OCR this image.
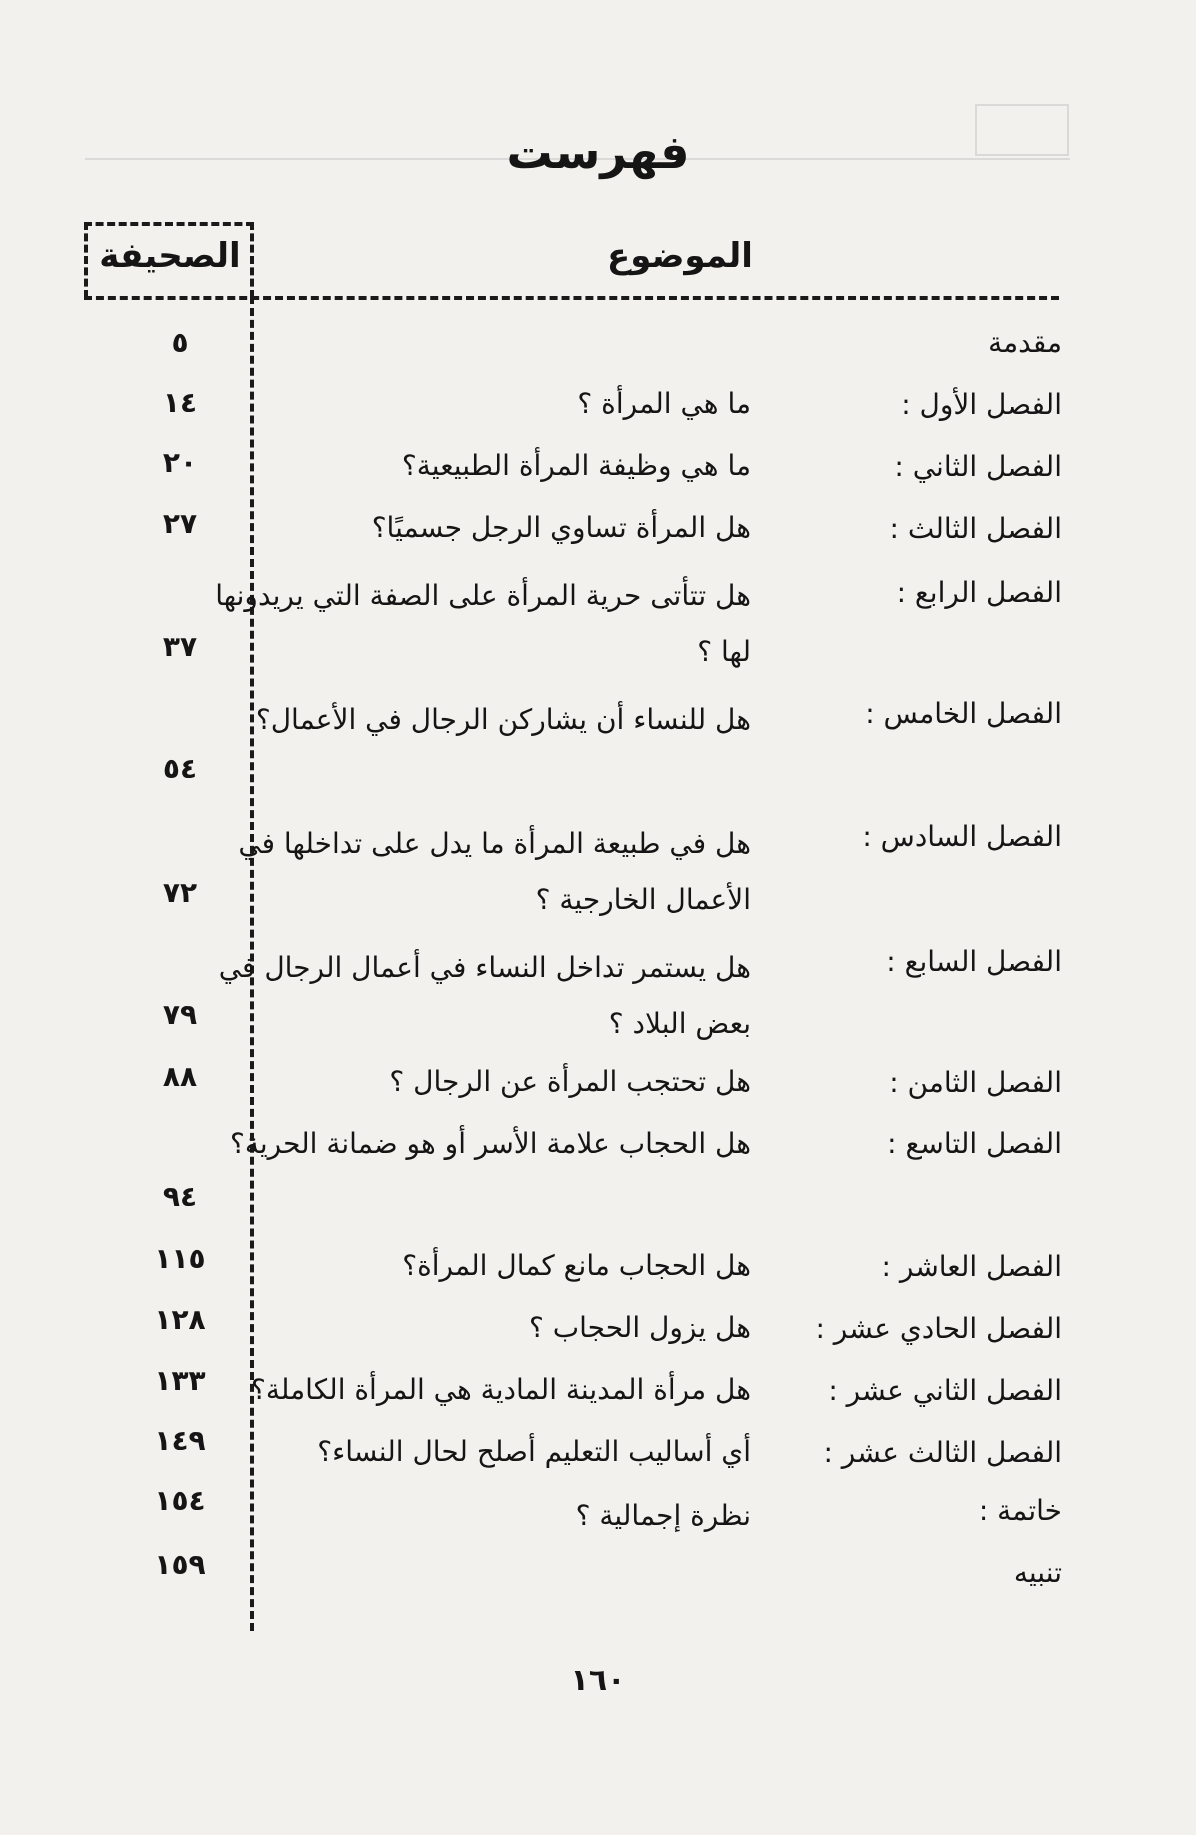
فهرست
الصحيفة	الموضوع
مقدمة
٥
الفصل الأول :
ما هي المرأة ؟
١٤
الفصل الثاني :
ما هي وظيفة المرأة الطبيعية؟
٢٠
الفصل الثالث :
هل المرأة تساوي الرجل جسميًا؟
٢٧
الفصل الرابع :
هل تتأتى حرية المرأة على الصفة التي يريدونها لها ؟
٣٧
الفصل الخامس :
هل للنساء أن يشاركن الرجال في الأعمال؟
٥٤
الفصل السادس :
هل في طبيعة المرأة ما يدل على تداخلها في الأعمال الخارجية ؟
٧٢
الفصل السابع :
هل يستمر تداخل النساء في أعمال الرجال في بعض البلاد ؟
٧٩
الفصل الثامن :
هل تحتجب المرأة عن الرجال ؟
٨٨
الفصل التاسع :
هل الحجاب علامة الأسر أو هو ضمانة الحرية؟
٩٤
الفصل العاشر :
هل الحجاب مانع كمال المرأة؟
١١٥
الفصل الحادي عشر :
هل يزول الحجاب ؟
١٢٨
الفصل الثاني عشر :
هل مرأة المدينة المادية هي المرأة الكاملة؟
١٣٣
الفصل الثالث عشر :
أي أساليب التعليم أصلح لحال النساء؟
١٤٩
خاتمة :
نظرة إجمالية ؟
١٥٤
تنبيه
١٥٩
١٦٠
